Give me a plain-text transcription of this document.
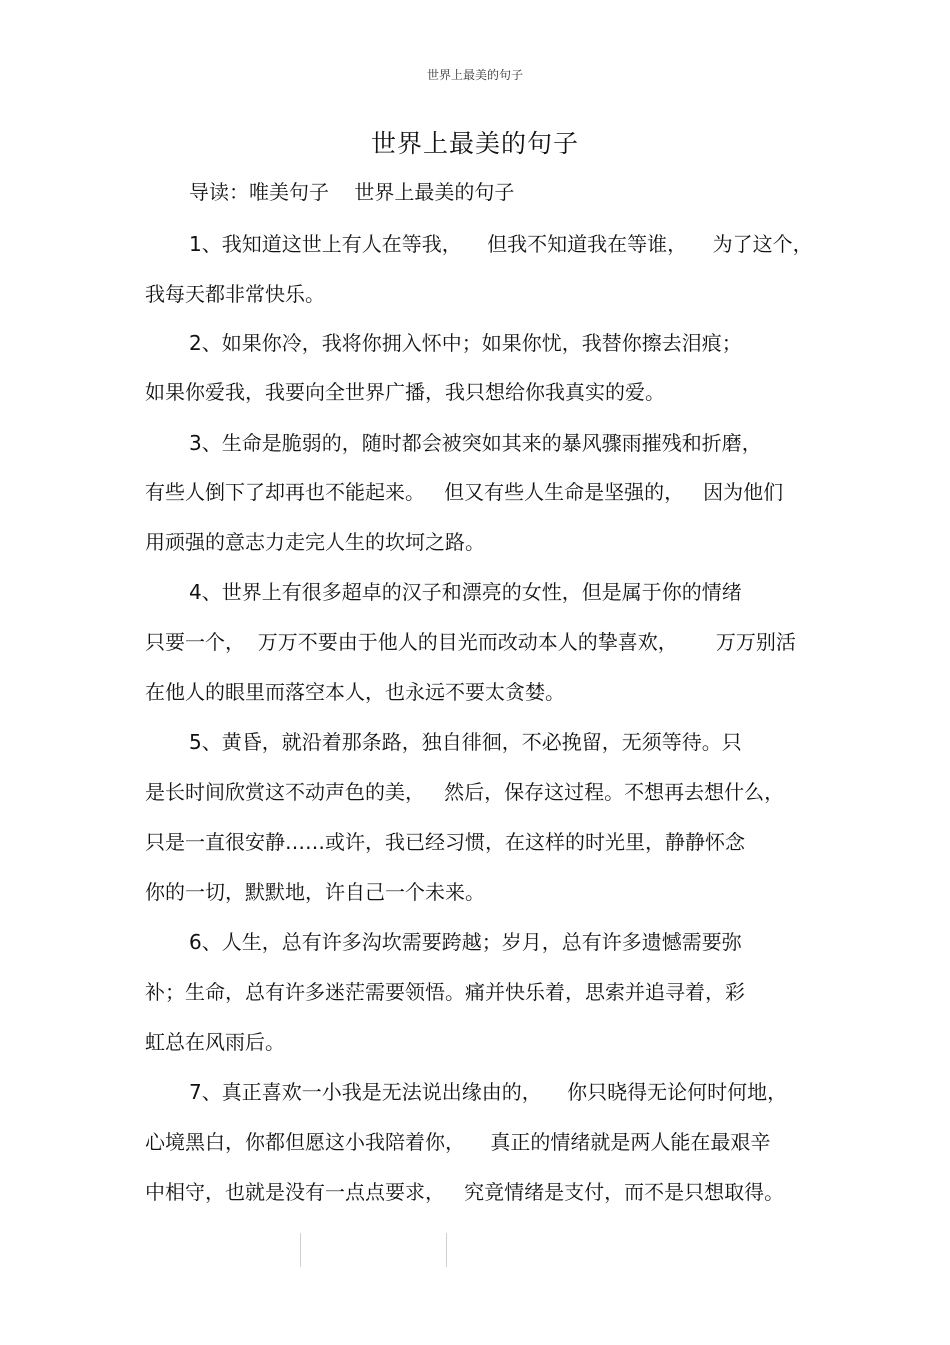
世界上最美的句子
世界上最美的句子
导读：唯美句子    世界上最美的句子
1、我知道这世上有人在等我，    但我不知道我在等谁，    为了这个，
我每天都非常快乐。
2、如果你冷，我将你拥入怀中；如果你忧，我替你擦去泪痕；
如果你爱我，我要向全世界广播，我只想给你我真实的爱。
3、生命是脆弱的，随时都会被突如其来的暴风骤雨摧残和折磨，
有些人倒下了却再也不能起来。   但又有些人生命是坚强的，   因为他们
用顽强的意志力走完人生的坎坷之路。
4、世界上有很多超卓的汉子和漂亮的女性，但是属于你的情绪
只要一个，  万万不要由于他人的目光而改动本人的挚喜欢，      万万别活
在他人的眼里而落空本人，也永远不要太贪婪。
5、黄昏，就沿着那条路，独自徘徊，不必挽留，无须等待。只
是长时间欣赏这不动声色的美，   然后，保存这过程。不想再去想什么，
只是一直很安静……或许，我已经习惯，在这样的时光里，静静怀念
你的一切，默默地，许自己一个未来。
6、人生，总有许多沟坎需要跨越；岁月，总有许多遗憾需要弥
补；生命，总有许多迷茫需要领悟。痛并快乐着，思索并追寻着，彩
虹总在风雨后。
7、真正喜欢一小我是无法说出缘由的，    你只晓得无论何时何地，
心境黑白，你都但愿这小我陪着你，    真正的情绪就是两人能在最艰辛
中相守，也就是没有一点点要求，   究竟情绪是支付，而不是只想取得。
